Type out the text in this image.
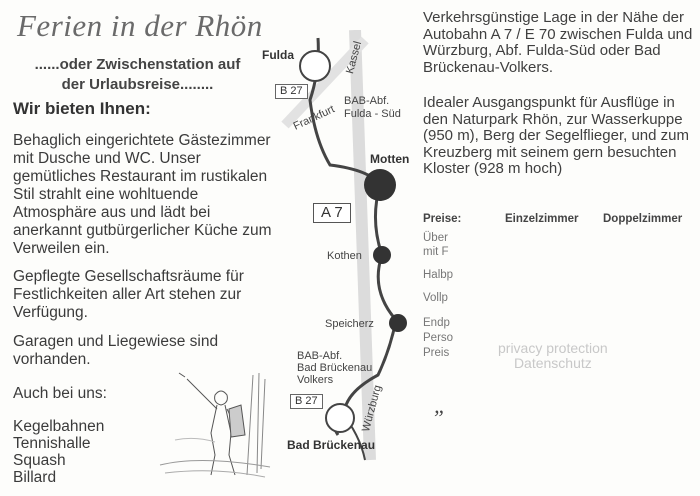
Ferien in der Rhön
......oder Zwischenstation auf der Urlaubsreise........
Wir bieten Ihnen:
Behaglich eingerichtete Gästezimmer mit Dusche und WC. Unser gemütliches Restaurant im rustikalen Stil strahlt eine wohltuende Atmosphäre aus und lädt bei anerkannt gutbürgerlicher Küche zum Verweilen ein.
Gepflegte Gesellschaftsräume für Festlichkeiten aller Art stehen zur Verfügung.
Garagen und Liegewiese sind vorhanden.
Auch bei uns:
Kegelbahnen
Tennishalle
Squash
Billard
Fulda	Kassel
B 27
Frankfurt
BAB-Abf.
Fulda - Süd
Motten
A 7
Kothen
Speicherz
BAB-Abf.
Bad Brückenau
Volkers
B 27	Würzburg
Bad Brückenau
Verkehrsgünstige Lage in der Nähe der Autobahn A 7 / E 70 zwischen Fulda und Würzburg, Abf. Fulda-Süd oder Bad Brückenau-Volkers.
Idealer Ausgangspunkt für Ausflüge in den Naturpark Rhön, zur Wasserkuppe (950 m), Berg der Segelflieger, und zum Kreuzberg mit seinem gern besuchten Kloster (928 m hoch)
Preise:	Einzelzimmer Doppelzimmer
Über
mit F
Halbp
Vollp
Endp
Perso
Preis	privacy protection
Datenschutz
„
